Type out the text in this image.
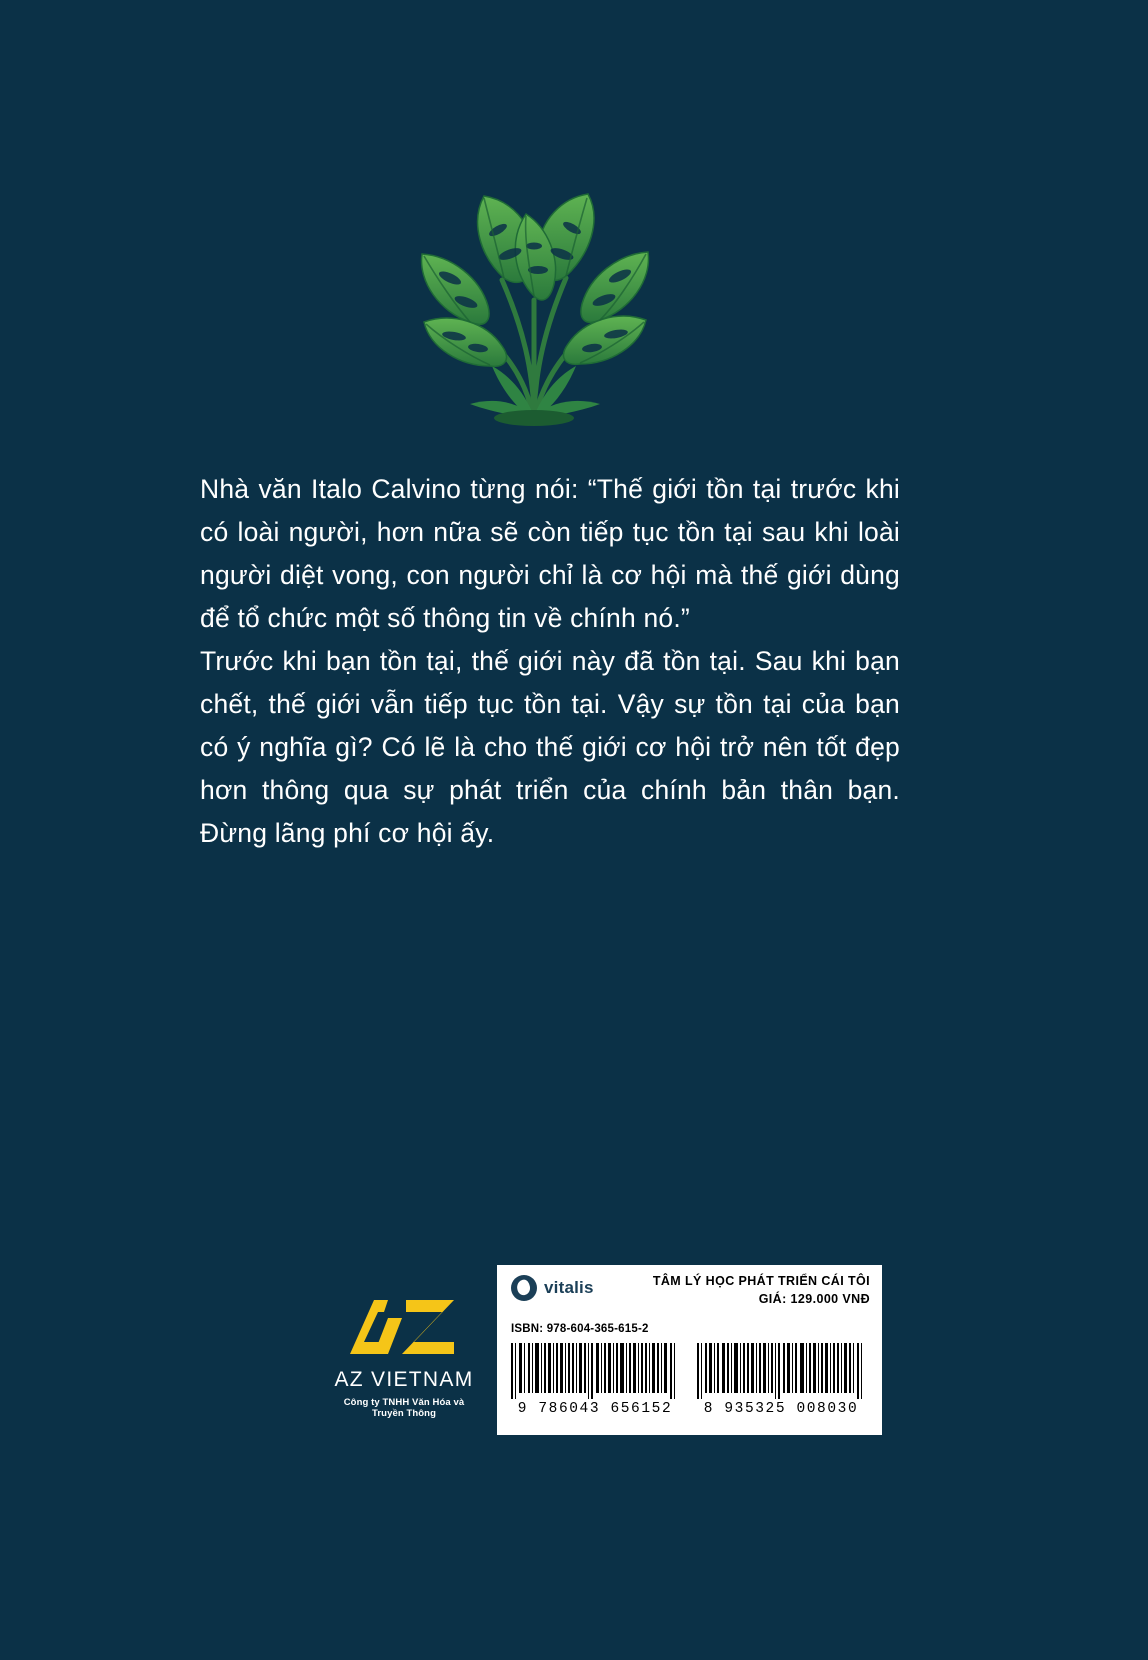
Nhà văn Italo Calvino từng nói: “Thế giới tồn tại trước khi có loài người, hơn nữa sẽ còn tiếp tục tồn tại sau khi loài người diệt vong, con người chỉ là cơ hội mà thế giới dùng để tổ chức một số thông tin về chính nó.”

Trước khi bạn tồn tại, thế giới này đã tồn tại. Sau khi bạn chết, thế giới vẫn tiếp tục tồn tại. Vậy sự tồn tại của bạn có ý nghĩa gì? Có lẽ là cho thế giới cơ hội trở nên tốt đẹp hơn thông qua sự phát triển của chính bản thân bạn. Đừng lãng phí cơ hội ấy.

AZ VIETNAM
Công ty TNHH Văn Hóa và Truyền Thông
vitalis	TÂM LÝ HỌC PHÁT TRIỂN CÁI TÔI
GIÁ: 129.000 VNĐ
ISBN: 978-604-365-615-2
9 786043 656152	8 935325 008030
